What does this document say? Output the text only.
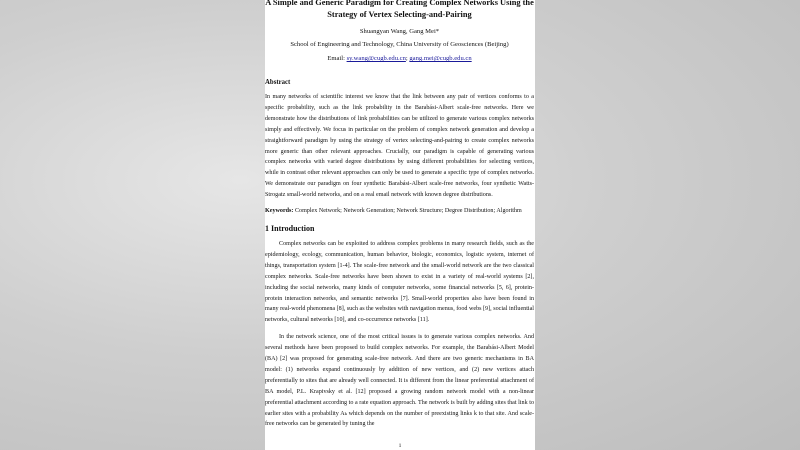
A Simple and Generic Paradigm for Creating Complex Networks Using the Strategy of Vertex Selecting-and-Pairing
Shuangyan Wang, Gang Mei*
School of Engineering and Technology, China University of Geosciences (Beijing)
Email: sy.wang@cugb.edu.cn; gang.mei@cugb.edu.cn
Abstract
In many networks of scientific interest we know that the link between any pair of vertices conforms to a specific probability, such as the link probability in the Barabási-Albert scale-free networks. Here we demonstrate how the distributions of link probabilities can be utilized to generate various complex networks simply and effectively. We focus in particular on the problem of complex network generation and develop a straightforward paradigm by using the strategy of vertex selecting-and-pairing to create complex networks more generic than other relevant approaches. Crucially, our paradigm is capable of generating various complex networks with varied degree distributions by using different probabilities for selecting vertices, while in contrast other relevant approaches can only be used to generate a specific type of complex networks. We demonstrate our paradigm on four synthetic Barabási-Albert scale-free networks, four synthetic Watts-Strogatz small-world networks, and on a real email network with known degree distributions.
Keywords: Complex Network; Network Generation; Network Structure; Degree Distribution; Algorithm
1 Introduction
Complex networks can be exploited to address complex problems in many research fields, such as the epidemiology, ecology, communication, human behavior, biologic, economics, logistic system, internet of things, transportation system [1-4]. The scale-free network and the small-world network are the two classical complex networks. Scale-free networks have been shown to exist in a variety of real-world systems [2], including the social networks, many kinds of computer networks, some financial networks [5, 6], protein-protein interaction networks, and semantic networks [7]. Small-world properties also have been found in many real-world phenomena [8], such as the websites with navigation menus, food webs [9], social influential networks, cultural networks [10], and co-occurrence networks [11].
In the network science, one of the most critical issues is to generate various complex networks. And several methods have been proposed to build complex networks. For example, the Barabási-Albert Model (BA) [2] was proposed for generating scale-free network. And there are two generic mechanisms in BA model: (1) networks expand continuously by addition of new vertices, and (2) new vertices attach preferentially to sites that are already well connected. It is different from the linear preferential attachment of BA model, P.L. Krapivsky et al. [12] proposed a growing random network model with a non-linear preferential attachment according to a rate equation approach. The network is built by adding sites that link to earlier sites with a probability Aₖ which depends on the number of preexisting links k to that site. And scale-free networks can be generated by tuning the
1
